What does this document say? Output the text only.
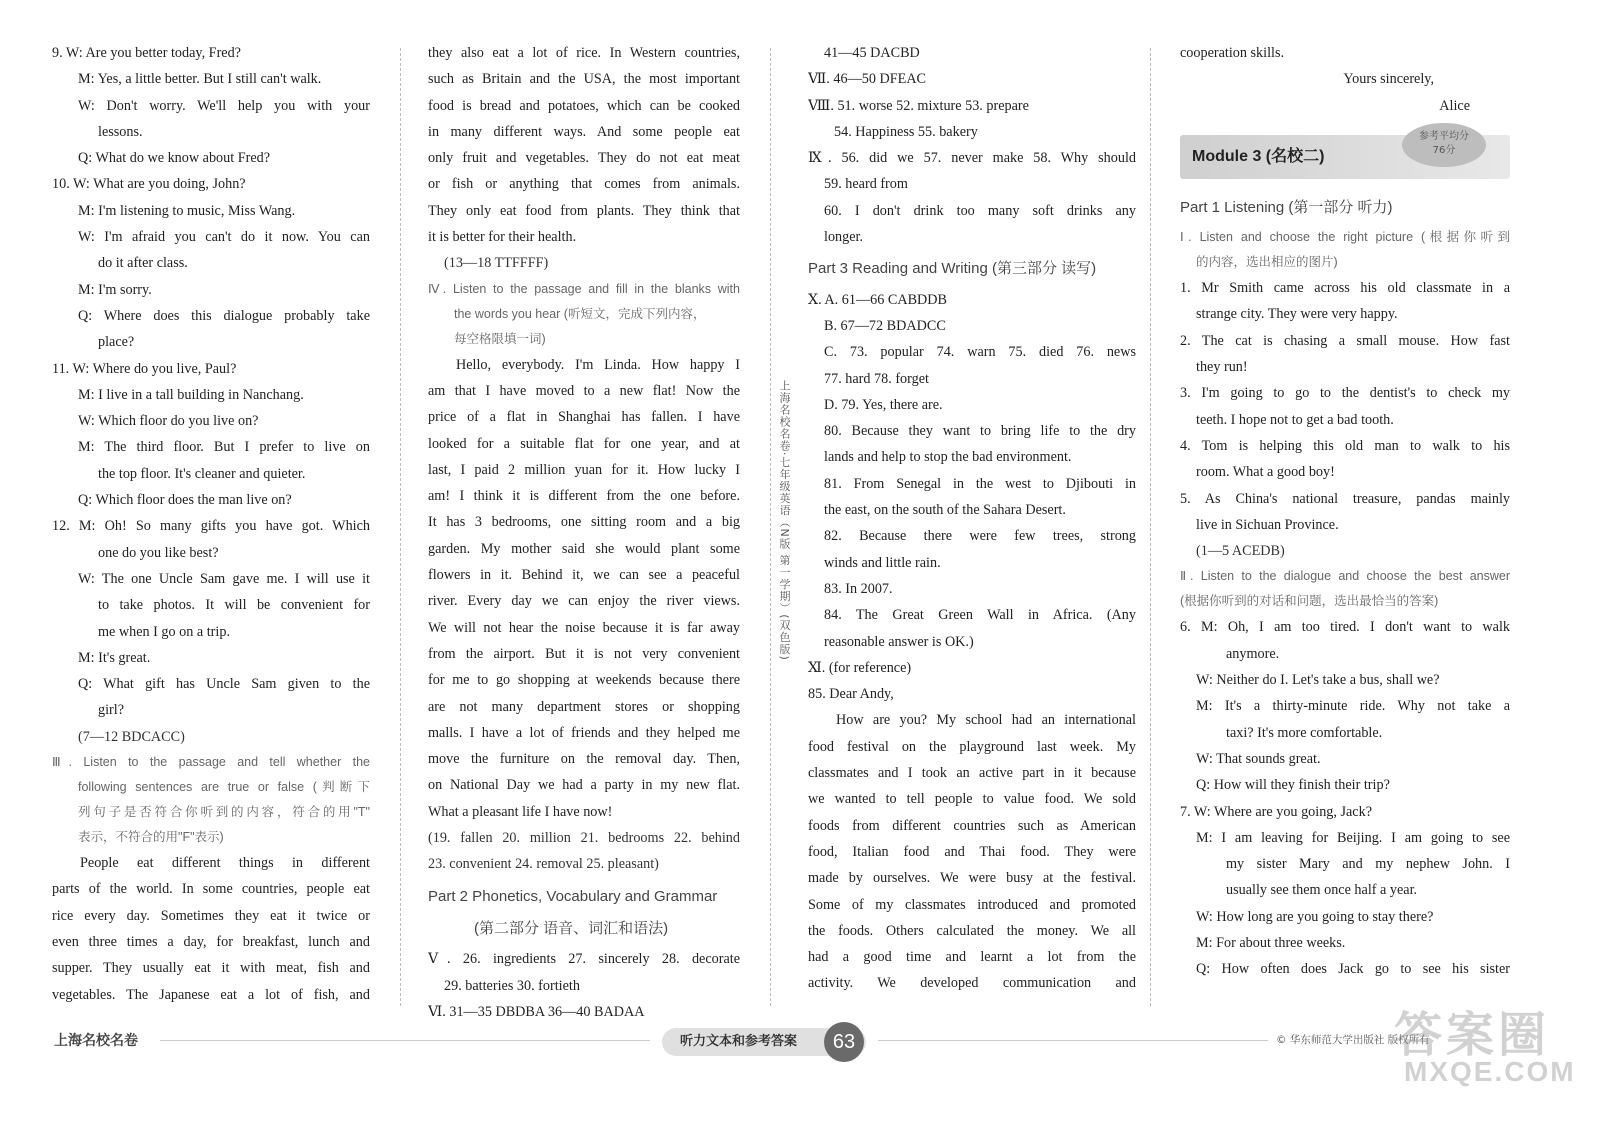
9. W: Are you better today, Fred?
M: Yes, a little better. But I still can't walk.
W: Don't worry. We'll help you with your
lessons.
Q: What do we know about Fred?
10. W: What are you doing, John?
M: I'm listening to music, Miss Wang.
W: I'm afraid you can't do it now. You can
do it after class.
M: I'm sorry.
Q: Where does this dialogue probably take
place?
11. W: Where do you live, Paul?
M: I live in a tall building in Nanchang.
W: Which floor do you live on?
M: The third floor. But I prefer to live on
the top floor. It's cleaner and quieter.
Q: Which floor does the man live on?
12. M: Oh! So many gifts you have got. Which
one do you like best?
W: The one Uncle Sam gave me. I will use it
to take photos. It will be convenient for
me when I go on a trip.
M: It's great.
Q: What gift has Uncle Sam given to the
girl?
(7—12 BDCACC)
Ⅲ. Listen to the passage and tell whether the
following sentences are true or false (判断下
列句子是否符合你听到的内容，符合的用"T"
表示，不符合的用"F"表示)
People eat different things in different
parts of the world. In some countries, people eat
rice every day. Sometimes they eat it twice or
even three times a day, for breakfast, lunch and
supper. They usually eat it with meat, fish and
vegetables. The Japanese eat a lot of fish, and
they also eat a lot of rice. In Western countries,
such as Britain and the USA, the most important
food is bread and potatoes, which can be cooked
in many different ways. And some people eat
only fruit and vegetables. They do not eat meat
or fish or anything that comes from animals.
They only eat food from plants. They think that
it is better for their health.
(13—18 TTFFFF)
Ⅳ. Listen to the passage and fill in the blanks with
the words you hear (听短文，完成下列内容，
每空格限填一词)
Hello, everybody. I'm Linda. How happy I
am that I have moved to a new flat! Now the
price of a flat in Shanghai has fallen. I have
looked for a suitable flat for one year, and at
last, I paid 2 million yuan for it. How lucky I
am! I think it is different from the one before.
It has 3 bedrooms, one sitting room and a big
garden. My mother said she would plant some
flowers in it. Behind it, we can see a peaceful
river. Every day we can enjoy the river views.
We will not hear the noise because it is far away
from the airport. But it is not very convenient
for me to go shopping at weekends because there
are not many department stores or shopping
malls. I have a lot of friends and they helped me
move the furniture on the removal day. Then,
on National Day we had a party in my new flat.
What a pleasant life I have now!
(19. fallen 20. million 21. bedrooms 22. behind
23. convenient 24. removal 25. pleasant)
Part 2 Phonetics, Vocabulary and Grammar
(第二部分 语音、词汇和语法)
Ⅴ. 26. ingredients 27. sincerely 28. decorate
29. batteries 30. fortieth
Ⅵ. 31—35 DBDBA 36—40 BADAA
上海名校名卷·七年级英语（N版 第一学期）(双色版)
41—45 DACBD
Ⅶ. 46—50 DFEAC
Ⅷ. 51. worse 52. mixture 53. prepare
54. Happiness 55. bakery
Ⅸ. 56. did we 57. never make 58. Why should
59. heard from
60. I don't drink too many soft drinks any
longer.
Part 3 Reading and Writing (第三部分 读写)
Ⅹ. A. 61—66 CABDDB
B. 67—72 BDADCC
C. 73. popular 74. warn 75. died 76. news
77. hard 78. forget
D. 79. Yes, there are.
80. Because they want to bring life to the dry
lands and help to stop the bad environment.
81. From Senegal in the west to Djibouti in
the east, on the south of the Sahara Desert.
82. Because there were few trees, strong
winds and little rain.
83. In 2007.
84. The Great Green Wall in Africa. (Any
reasonable answer is OK.)
Ⅺ. (for reference)
85. Dear Andy,
How are you? My school had an international
food festival on the playground last week. My
classmates and I took an active part in it because
we wanted to tell people to value food. We sold
foods from different countries such as American
food, Italian food and Thai food. They were
made by ourselves. We were busy at the festival.
Some of my classmates introduced and promoted
the foods. Others calculated the money. We all
had a good time and learnt a lot from the
activity. We developed communication and
cooperation skills.
Yours sincerely,
Alice
Module 3 (名校二)
参考平均分
76分
Part 1 Listening (第一部分 听力)
Ⅰ. Listen and choose the right picture (根据你听到
的内容，选出相应的图片)
1. Mr Smith came across his old classmate in a
strange city. They were very happy.
2. The cat is chasing a small mouse. How fast
they run!
3. I'm going to go to the dentist's to check my
teeth. I hope not to get a bad tooth.
4. Tom is helping this old man to walk to his
room. What a good boy!
5. As China's national treasure, pandas mainly
live in Sichuan Province.
(1—5 ACEDB)
Ⅱ. Listen to the dialogue and choose the best answer
(根据你听到的对话和问题，选出最恰当的答案)
6. M: Oh, I am too tired. I don't want to walk
anymore.
W: Neither do I. Let's take a bus, shall we?
M: It's a thirty-minute ride. Why not take a
taxi? It's more comfortable.
W: That sounds great.
Q: How will they finish their trip?
7. W: Where are you going, Jack?
M: I am leaving for Beijing. I am going to see
my sister Mary and my nephew John. I
usually see them once half a year.
W: How long are you going to stay there?
M: For about three weeks.
Q: How often does Jack go to see his sister
上海名校名卷	听力文本和参考答案	63	© 华东师范大学出版社 版权所有
答案圈
MXQE.COM
